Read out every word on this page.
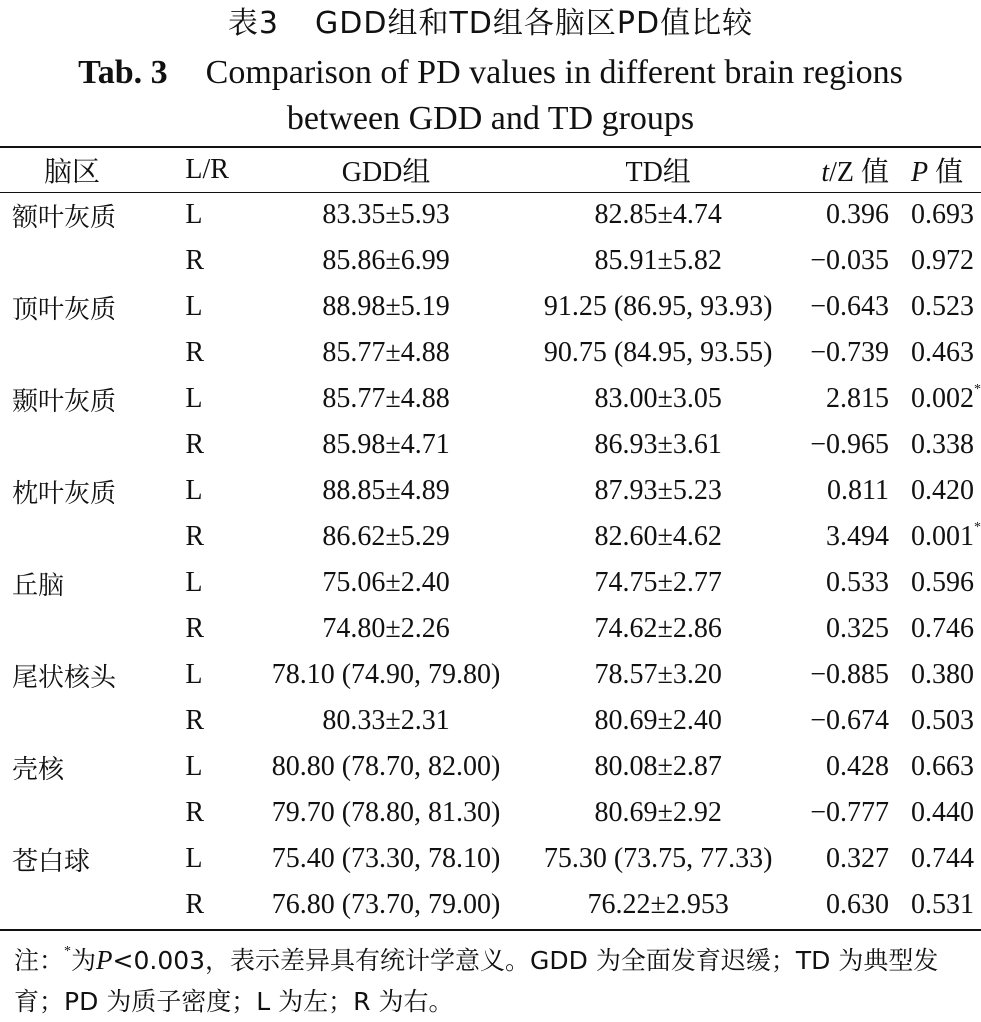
表3 GDD组和TD组各脑区PD值比较
Tab. 3 Comparison of PD values in different brain regions
between GDD and TD groups
脑区	L/R	GDD组	TD组	t/Z 值	P 值
额叶灰质	L	83.35±5.93	82.85±4.74	0.396	0.693
	R	85.86±6.99	85.91±5.82	−0.035	0.972
顶叶灰质	L	88.98±5.19	91.25 (86.95, 93.93)	−0.643	0.523
	R	85.77±4.88	90.75 (84.95, 93.55)	−0.739	0.463
颞叶灰质	L	85.77±4.88	83.00±3.05	2.815	0.002*
	R	85.98±4.71	86.93±3.61	−0.965	0.338
枕叶灰质	L	88.85±4.89	87.93±5.23	0.811	0.420
	R	86.62±5.29	82.60±4.62	3.494	0.001*
丘脑	L	75.06±2.40	74.75±2.77	0.533	0.596
	R	74.80±2.26	74.62±2.86	0.325	0.746
尾状核头	L	78.10 (74.90, 79.80)	78.57±3.20	−0.885	0.380
	R	80.33±2.31	80.69±2.40	−0.674	0.503
壳核	L	80.80 (78.70, 82.00)	80.08±2.87	0.428	0.663
	R	79.70 (78.80, 81.30)	80.69±2.92	−0.777	0.440
苍白球	L	75.40 (73.30, 78.10)	75.30 (73.75, 77.33)	0.327	0.744
	R	76.80 (73.70, 79.00)	76.22±2.953	0.630	0.531
注：*为P<0.003，表示差异具有统计学意义。GDD 为全面发育迟缓；TD 为典型发育；PD 为质子密度；L 为左；R 为右。
